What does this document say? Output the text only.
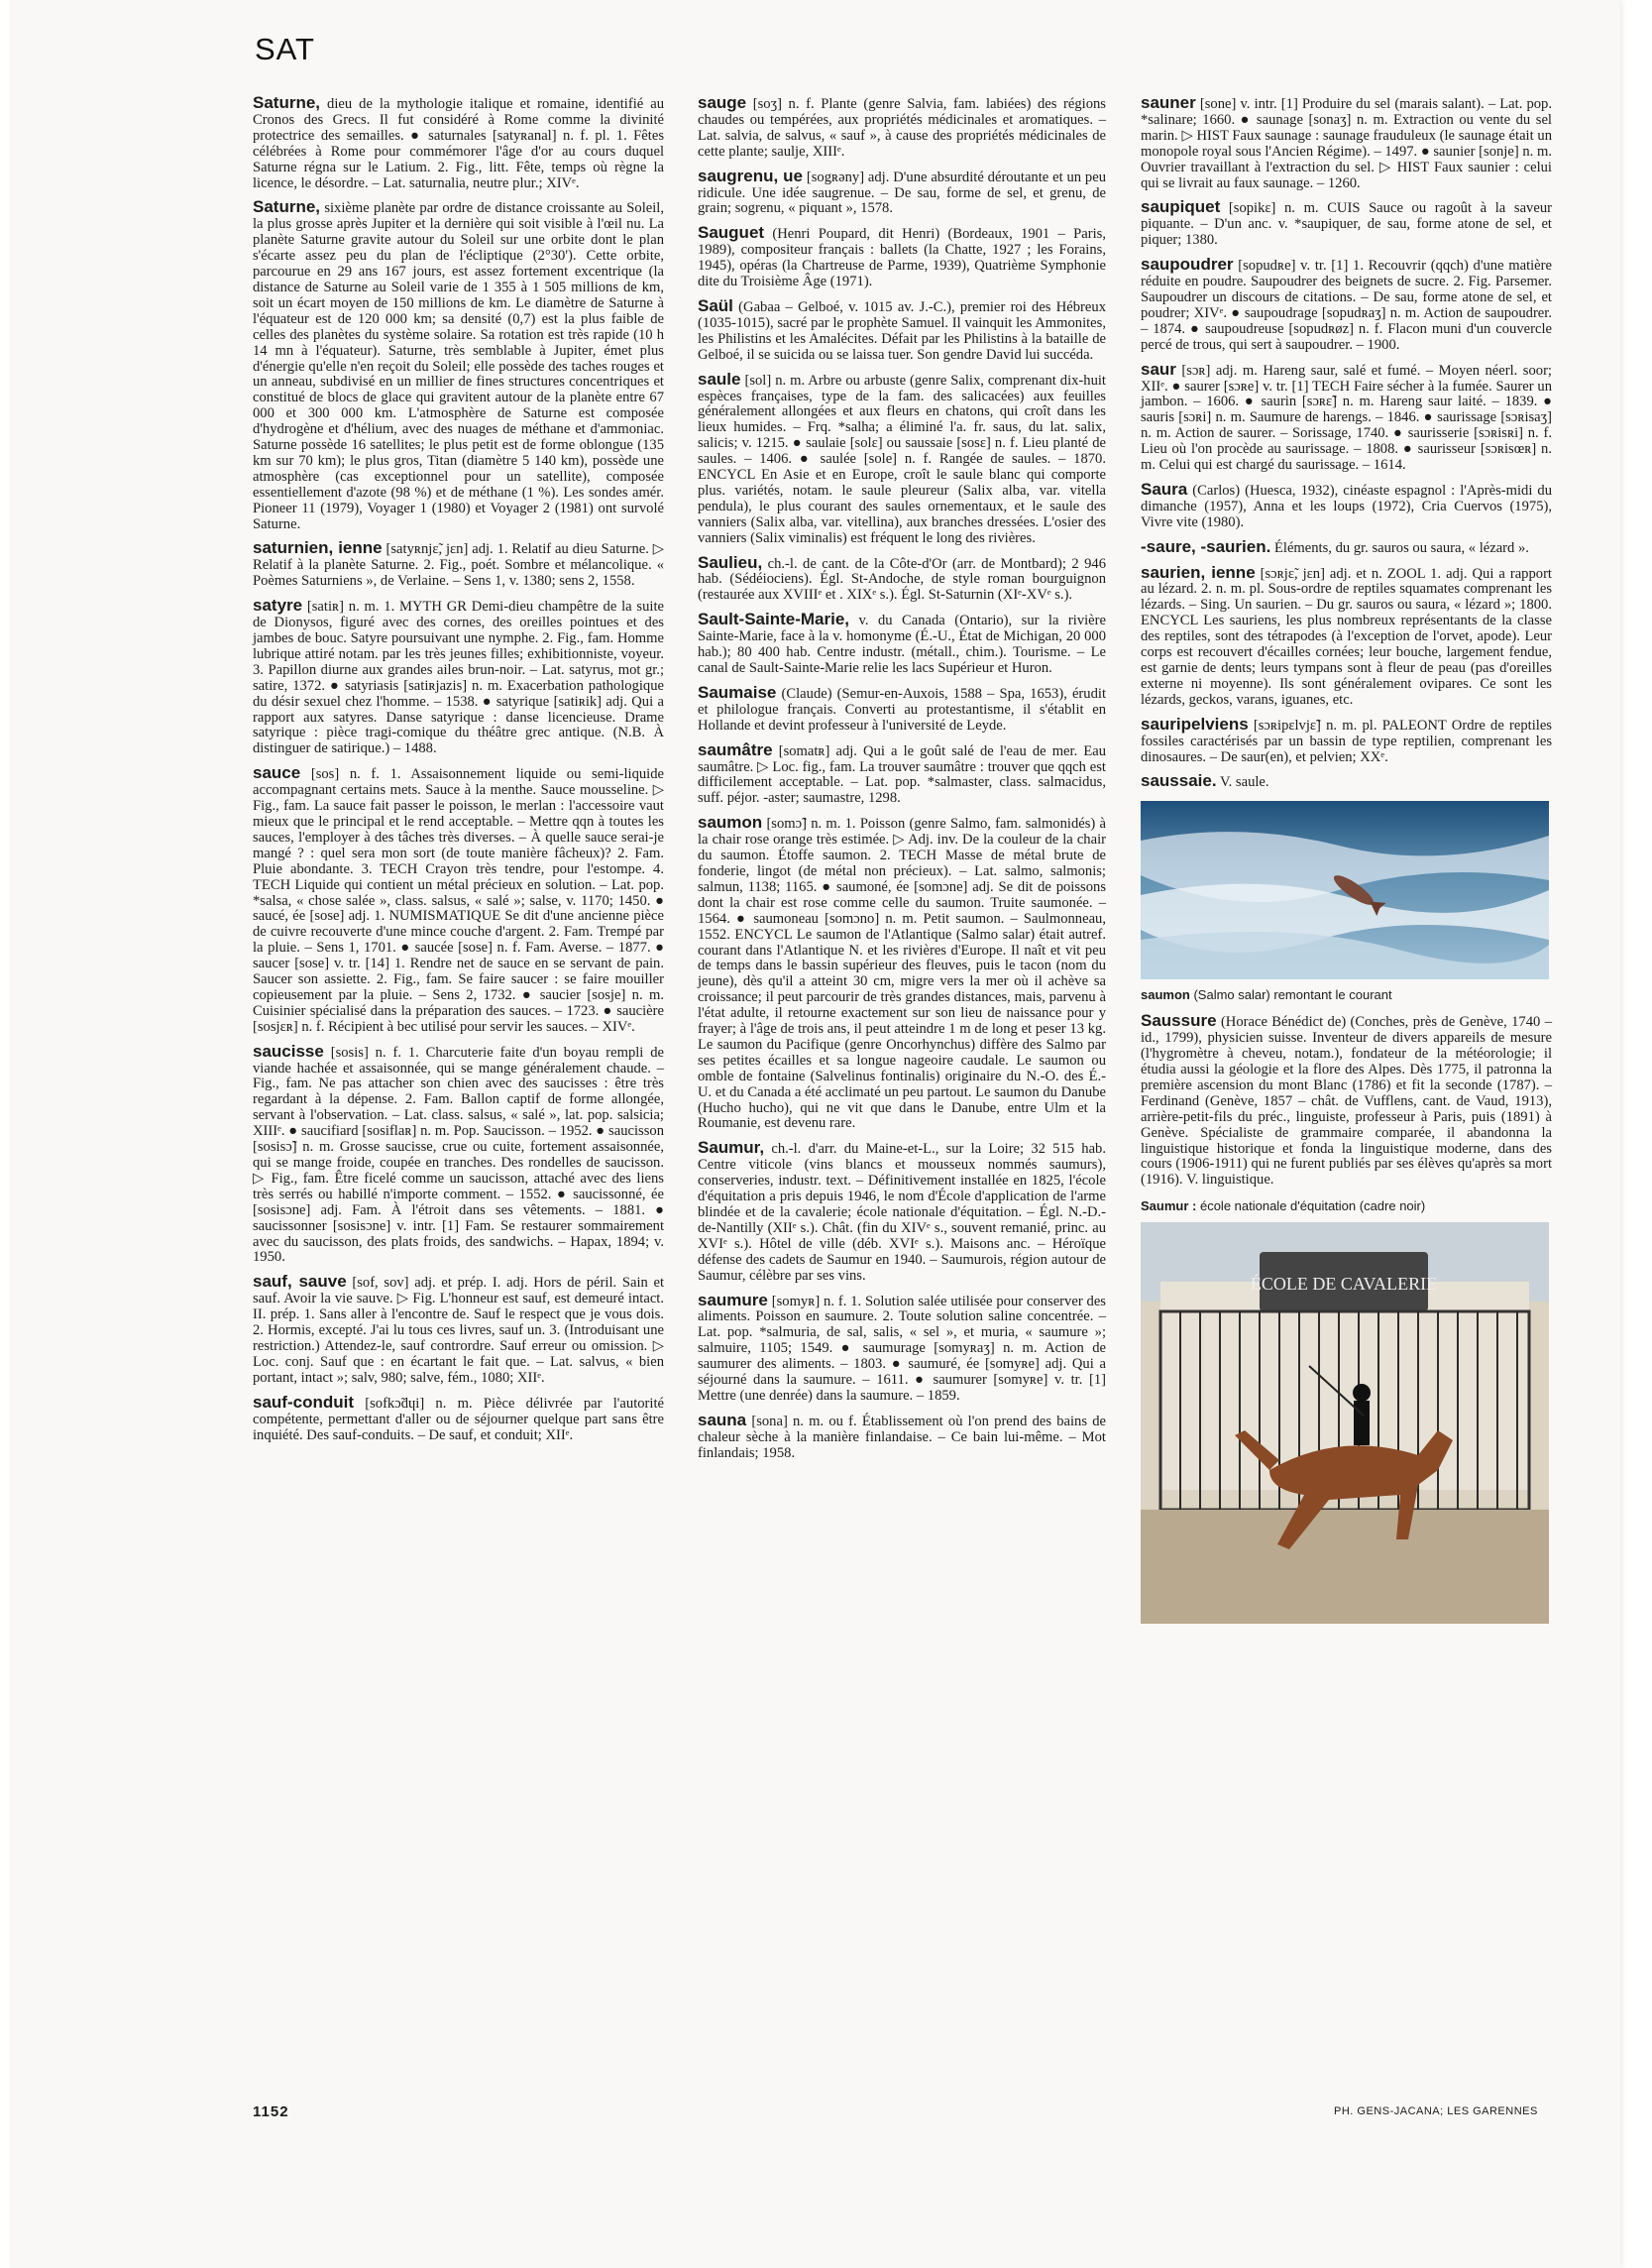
SAT

Saturne, dieu de la mythologie italique et romaine, identifié au Cronos des Grecs. Il fut considéré à Rome comme la divinité protectrice des semailles. ● saturnales [satyʀanal] n. f. pl. 1. Fêtes célébrées à Rome pour commémorer l'âge d'or au cours duquel Saturne régna sur le Latium. 2. Fig., litt. Fête, temps où règne la licence, le désordre. – Lat. saturnalia, neutre plur.; XIVᵉ.

Saturne, sixième planète par ordre de distance croissante au Soleil, la plus grosse après Jupiter et la dernière qui soit visible à l'œil nu. La planète Saturne gravite autour du Soleil sur une orbite dont le plan s'écarte assez peu du plan de l'écliptique (2°30'). Cette orbite, parcourue en 29 ans 167 jours, est assez fortement excentrique (la distance de Saturne au Soleil varie de 1 355 à 1 505 millions de km, soit un écart moyen de 150 millions de km. Le diamètre de Saturne à l'équateur est de 120 000 km; sa densité (0,7) est la plus faible de celles des planètes du système solaire. Sa rotation est très rapide (10 h 14 mn à l'équateur). Saturne, très semblable à Jupiter, émet plus d'énergie qu'elle n'en reçoit du Soleil; elle possède des taches rouges et un anneau, subdivisé en un millier de fines structures concentriques et constitué de blocs de glace qui gravitent autour de la planète entre 67 000 et 300 000 km. L'atmosphère de Saturne est composée d'hydrogène et d'hélium, avec des nuages de méthane et d'ammoniac. Saturne possède 16 satellites; le plus petit est de forme oblongue (135 km sur 70 km); le plus gros, Titan (diamètre 5 140 km), possède une atmosphère (cas exceptionnel pour un satellite), composée essentiellement d'azote (98 %) et de méthane (1 %). Les sondes amér. Pioneer 11 (1979), Voyager 1 (1980) et Voyager 2 (1981) ont survolé Saturne.

saturnien, ienne [satyʀnjɛ̃, jɛn] adj. 1. Relatif au dieu Saturne. ▷ Relatif à la planète Saturne. 2. Fig., poét. Sombre et mélancolique. « Poèmes Saturniens », de Verlaine. – Sens 1, v. 1380; sens 2, 1558.

satyre [satiʀ] n. m. 1. MYTH GR Demi-dieu champêtre de la suite de Dionysos, figuré avec des cornes, des oreilles pointues et des jambes de bouc. Satyre poursuivant une nymphe. 2. Fig., fam. Homme lubrique attiré notam. par les très jeunes filles; exhibitionniste, voyeur. 3. Papillon diurne aux grandes ailes brun-noir. – Lat. satyrus, mot gr.; satire, 1372. ● satyriasis [satiʀjazis] n. m. Exacerbation pathologique du désir sexuel chez l'homme. – 1538. ● satyrique [satiʀik] adj. Qui a rapport aux satyres. Danse satyrique : danse licencieuse. Drame satyrique : pièce tragi-comique du théâtre grec antique. (N.B. À distinguer de satirique.) – 1488.

sauce [sos] n. f. 1. Assaisonnement liquide ou semi-liquide accompagnant certains mets. Sauce à la menthe. Sauce mousseline. ▷ Fig., fam. La sauce fait passer le poisson, le merlan : l'accessoire vaut mieux que le principal et le rend acceptable. – Mettre qqn à toutes les sauces, l'employer à des tâches très diverses. – À quelle sauce serai-je mangé ? : quel sera mon sort (de toute manière fâcheux)? 2. Fam. Pluie abondante. 3. TECH Crayon très tendre, pour l'estompe. 4. TECH Liquide qui contient un métal précieux en solution. – Lat. pop. *salsa, « chose salée », class. salsus, « salé »; salse, v. 1170; 1450. ● saucé, ée [sose] adj. 1. NUMISMATIQUE Se dit d'une ancienne pièce de cuivre recouverte d'une mince couche d'argent. 2. Fam. Trempé par la pluie. – Sens 1, 1701. ● saucée [sose] n. f. Fam. Averse. – 1877. ● saucer [sose] v. tr. [14] 1. Rendre net de sauce en se servant de pain. Saucer son assiette. 2. Fig., fam. Se faire saucer : se faire mouiller copieusement par la pluie. – Sens 2, 1732. ● saucier [sosje] n. m. Cuisinier spécialisé dans la préparation des sauces. – 1723. ● saucière [sosjɛʀ] n. f. Récipient à bec utilisé pour servir les sauces. – XIVᵉ.

saucisse [sosis] n. f. 1. Charcuterie faite d'un boyau rempli de viande hachée et assaisonnée, qui se mange généralement chaude. – Fig., fam. Ne pas attacher son chien avec des saucisses : être très regardant à la dépense. 2. Fam. Ballon captif de forme allongée, servant à l'observation. – Lat. class. salsus, « salé », lat. pop. salsicia; XIIIᵉ. ● saucifiard [sosiflaʀ] n. m. Pop. Saucisson. – 1952. ● saucisson [sosisɔ̃] n. m. Grosse saucisse, crue ou cuite, fortement assaisonnée, qui se mange froide, coupée en tranches. Des rondelles de saucisson. ▷ Fig., fam. Être ficelé comme un saucisson, attaché avec des liens très serrés ou habillé n'importe comment. – 1552. ● saucissonné, ée [sosisɔne] adj. Fam. À l'étroit dans ses vêtements. – 1881. ● saucissonner [sosisɔne] v. intr. [1] Fam. Se restaurer sommairement avec du saucisson, des plats froids, des sandwichs. – Hapax, 1894; v. 1950.

sauf, sauve [sof, sov] adj. et prép. I. adj. Hors de péril. Sain et sauf. Avoir la vie sauve. ▷ Fig. L'honneur est sauf, est demeuré intact. II. prép. 1. Sans aller à l'encontre de. Sauf le respect que je vous dois. 2. Hormis, excepté. J'ai lu tous ces livres, sauf un. 3. (Introduisant une restriction.) Attendez-le, sauf contrordre. Sauf erreur ou omission. ▷ Loc. conj. Sauf que : en écartant le fait que. – Lat. salvus, « bien portant, intact »; salv, 980; salve, fém., 1080; XIIᵉ.

sauf-conduit [sofkɔ̃dɥi] n. m. Pièce délivrée par l'autorité compétente, permettant d'aller ou de séjourner quelque part sans être inquiété. Des sauf-conduits. – De sauf, et conduit; XIIᵉ.

sauge [soʒ] n. f. Plante (genre Salvia, fam. labiées) des régions chaudes ou tempérées, aux propriétés médicinales et aromatiques. – Lat. salvia, de salvus, « sauf », à cause des propriétés médicinales de cette plante; saulje, XIIIᵉ.

saugrenu, ue [sogʀəny] adj. D'une absurdité déroutante et un peu ridicule. Une idée saugrenue. – De sau, forme de sel, et grenu, de grain; sogrenu, « piquant », 1578.

Sauguet (Henri Poupard, dit Henri) (Bordeaux, 1901 – Paris, 1989), compositeur français : ballets (la Chatte, 1927 ; les Forains, 1945), opéras (la Chartreuse de Parme, 1939), Quatrième Symphonie dite du Troisième Âge (1971).

Saül (Gabaa – Gelboé, v. 1015 av. J.-C.), premier roi des Hébreux (1035-1015), sacré par le prophète Samuel. Il vainquit les Ammonites, les Philistins et les Amalécites. Défait par les Philistins à la bataille de Gelboé, il se suicida ou se laissa tuer. Son gendre David lui succéda.

saule [sol] n. m. Arbre ou arbuste (genre Salix, comprenant dix-huit espèces françaises, type de la fam. des salicacées) aux feuilles généralement allongées et aux fleurs en chatons, qui croît dans les lieux humides. – Frq. *salha; a éliminé l'a. fr. saus, du lat. salix, salicis; v. 1215. ● saulaie [solɛ] ou saussaie [sosɛ] n. f. Lieu planté de saules. – 1406. ● saulée [sole] n. f. Rangée de saules. – 1870. ENCYCL En Asie et en Europe, croît le saule blanc qui comporte plus. variétés, notam. le saule pleureur (Salix alba, var. vitella pendula), le plus courant des saules ornementaux, et le saule des vanniers (Salix alba, var. vitellina), aux branches dressées. L'osier des vanniers (Salix viminalis) est fréquent le long des rivières.

Saulieu, ch.-l. de cant. de la Côte-d'Or (arr. de Montbard); 2 946 hab. (Sédéiociens). Égl. St-Andoche, de style roman bourguignon (restaurée aux XVIIIᵉ et . XIXᵉ s.). Égl. St-Saturnin (XIᵉ-XVᵉ s.).

Sault-Sainte-Marie, v. du Canada (Ontario), sur la rivière Sainte-Marie, face à la v. homonyme (É.-U., État de Michigan, 20 000 hab.); 80 400 hab. Centre industr. (métall., chim.). Tourisme. – Le canal de Sault-Sainte-Marie relie les lacs Supérieur et Huron.

Saumaise (Claude) (Semur-en-Auxois, 1588 – Spa, 1653), érudit et philologue français. Converti au protestantisme, il s'établit en Hollande et devint professeur à l'université de Leyde.

saumâtre [somatʀ] adj. Qui a le goût salé de l'eau de mer. Eau saumâtre. ▷ Loc. fig., fam. La trouver saumâtre : trouver que qqch est difficilement acceptable. – Lat. pop. *salmaster, class. salmacidus, suff. péjor. -aster; saumastre, 1298.

saumon [somɔ̃] n. m. 1. Poisson (genre Salmo, fam. salmonidés) à la chair rose orange très estimée. ▷ Adj. inv. De la couleur de la chair du saumon. Étoffe saumon. 2. TECH Masse de métal brute de fonderie, lingot (de métal non précieux). – Lat. salmo, salmonis; salmun, 1138; 1165. ● saumoné, ée [somɔne] adj. Se dit de poissons dont la chair est rose comme celle du saumon. Truite saumonée. – 1564. ● saumoneau [somɔno] n. m. Petit saumon. – Saulmonneau, 1552. ENCYCL Le saumon de l'Atlantique (Salmo salar) était autref. courant dans l'Atlantique N. et les rivières d'Europe. Il naît et vit peu de temps dans le bassin supérieur des fleuves, puis le tacon (nom du jeune), dès qu'il a atteint 30 cm, migre vers la mer où il achève sa croissance; il peut parcourir de très grandes distances, mais, parvenu à l'état adulte, il retourne exactement sur son lieu de naissance pour y frayer; à l'âge de trois ans, il peut atteindre 1 m de long et peser 13 kg. Le saumon du Pacifique (genre Oncorhynchus) diffère des Salmo par ses petites écailles et sa longue nageoire caudale. Le saumon ou omble de fontaine (Salvelinus fontinalis) originaire du N.-O. des É.-U. et du Canada a été acclimaté un peu partout. Le saumon du Danube (Hucho hucho), qui ne vit que dans le Danube, entre Ulm et la Roumanie, est devenu rare.

Saumur, ch.-l. d'arr. du Maine-et-L., sur la Loire; 32 515 hab. Centre viticole (vins blancs et mousseux nommés saumurs), conserveries, industr. text. – Définitivement installée en 1825, l'école d'équitation a pris depuis 1946, le nom d'École d'application de l'arme blindée et de la cavalerie; école nationale d'équitation. – Égl. N.-D.-de-Nantilly (XIIᵉ s.). Chât. (fin du XIVᵉ s., souvent remanié, princ. au XVIᵉ s.). Hôtel de ville (déb. XVIᵉ s.). Maisons anc. – Héroïque défense des cadets de Saumur en 1940. – Saumurois, région autour de Saumur, célèbre par ses vins.

saumure [somyʀ] n. f. 1. Solution salée utilisée pour conserver des aliments. Poisson en saumure. 2. Toute solution saline concentrée. – Lat. pop. *salmuria, de sal, salis, « sel », et muria, « saumure »; salmuire, 1105; 1549. ● saumurage [somyʀaʒ] n. m. Action de saumurer des aliments. – 1803. ● saumuré, ée [somyʀe] adj. Qui a séjourné dans la saumure. – 1611. ● saumurer [somyʀe] v. tr. [1] Mettre (une denrée) dans la saumure. – 1859.

sauna [sona] n. m. ou f. Établissement où l'on prend des bains de chaleur sèche à la manière finlandaise. – Ce bain lui-même. – Mot finlandais; 1958.

sauner [sone] v. intr. [1] Produire du sel (marais salant). – Lat. pop. *salinare; 1660. ● saunage [sonaʒ] n. m. Extraction ou vente du sel marin. ▷ HIST Faux saunage : saunage frauduleux (le saunage était un monopole royal sous l'Ancien Régime). – 1497. ● saunier [sonje] n. m. Ouvrier travaillant à l'extraction du sel. ▷ HIST Faux saunier : celui qui se livrait au faux saunage. – 1260.

saupiquet [sopikɛ] n. m. CUIS Sauce ou ragoût à la saveur piquante. – D'un anc. v. *saupiquer, de sau, forme atone de sel, et piquer; 1380.

saupoudrer [sopudʀe] v. tr. [1] 1. Recouvrir (qqch) d'une matière réduite en poudre. Saupoudrer des beignets de sucre. 2. Fig. Parsemer. Saupoudrer un discours de citations. – De sau, forme atone de sel, et poudrer; XIVᵉ. ● saupoudrage [sopudʀaʒ] n. m. Action de saupoudrer. – 1874. ● saupoudreuse [sopudʀøz] n. f. Flacon muni d'un couvercle percé de trous, qui sert à saupoudrer. – 1900.

saur [sɔʀ] adj. m. Hareng saur, salé et fumé. – Moyen néerl. soor; XIIᵉ. ● saurer [sɔʀe] v. tr. [1] TECH Faire sécher à la fumée. Saurer un jambon. – 1606. ● saurin [sɔʀɛ̃] n. m. Hareng saur laité. – 1839. ● sauris [sɔʀi] n. m. Saumure de harengs. – 1846. ● saurissage [sɔʀisaʒ] n. m. Action de saurer. – Sorissage, 1740. ● saurisserie [sɔʀisʀi] n. f. Lieu où l'on procède au saurissage. – 1808. ● saurisseur [sɔʀisœʀ] n. m. Celui qui est chargé du saurissage. – 1614.

Saura (Carlos) (Huesca, 1932), cinéaste espagnol : l'Après-midi du dimanche (1957), Anna et les loups (1972), Cria Cuervos (1975), Vivre vite (1980).

-saure, -saurien. Éléments, du gr. sauros ou saura, « lézard ».

saurien, ienne [sɔʀjɛ̃, jɛn] adj. et n. ZOOL 1. adj. Qui a rapport au lézard. 2. n. m. pl. Sous-ordre de reptiles squamates comprenant les lézards. – Sing. Un saurien. – Du gr. sauros ou saura, « lézard »; 1800. ENCYCL Les sauriens, les plus nombreux représentants de la classe des reptiles, sont des tétrapodes (à l'exception de l'orvet, apode). Leur corps est recouvert d'écailles cornées; leur bouche, largement fendue, est garnie de dents; leurs tympans sont à fleur de peau (pas d'oreilles externe ni moyenne). Ils sont généralement ovipares. Ce sont les lézards, geckos, varans, iguanes, etc.

sauripelviens [sɔʀipɛlvjɛ̃] n. m. pl. PALEONT Ordre de reptiles fossiles caractérisés par un bassin de type reptilien, comprenant les dinosaures. – De saur(en), et pelvien; XXᵉ.

saussaie. V. saule.

saumon (Salmo salar) remontant le courant

Saussure (Horace Bénédict de) (Conches, près de Genève, 1740 – id., 1799), physicien suisse. Inventeur de divers appareils de mesure (l'hygromètre à cheveu, notam.), fondateur de la météorologie; il étudia aussi la géologie et la flore des Alpes. Dès 1775, il patronna la première ascension du mont Blanc (1786) et fit la seconde (1787). – Ferdinand (Genève, 1857 – chât. de Vufflens, cant. de Vaud, 1913), arrière-petit-fils du préc., linguiste, professeur à Paris, puis (1891) à Genève. Spécialiste de grammaire comparée, il abandonna la linguistique historique et fonda la linguistique moderne, dans des cours (1906-1911) qui ne furent publiés par ses élèves qu'après sa mort (1916). V. linguistique.

Saumur : école nationale d'équitation (cadre noir)
ÉCOLE DE CAVALERIE
1152	PH. GENS-JACANA; LES GARENNES
